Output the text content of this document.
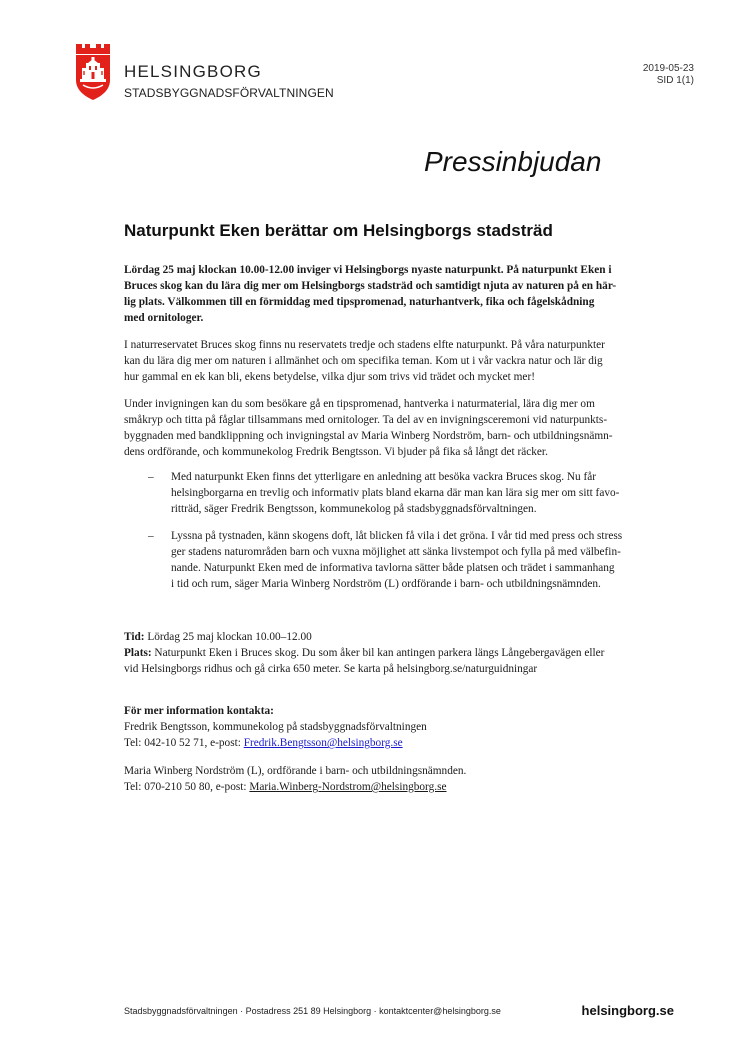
HELSINGBORG
STADSBYGGNADSFÖRVALTNINGEN
2019-05-23
SID 1(1)
Pressinbjudan
Naturpunkt Eken berättar om Helsingborgs stadsträd
Lördag 25 maj klockan 10.00-12.00 inviger vi Helsingborgs nyaste naturpunkt. På naturpunkt Eken i
Bruces skog kan du lära dig mer om Helsingborgs stadsträd och samtidigt njuta av naturen på en här-
lig plats. Välkommen till en förmiddag med tipspromenad, naturhantverk, fika och fågelskådning
med ornitologer.
I naturreservatet Bruces skog finns nu reservatets tredje och stadens elfte naturpunkt. På våra naturpunkter
kan du lära dig mer om naturen i allmänhet och om specifika teman. Kom ut i vår vackra natur och lär dig
hur gammal en ek kan bli, ekens betydelse, vilka djur som trivs vid trädet och mycket mer!
Under invigningen kan du som besökare gå en tipspromenad, hantverka i naturmaterial, lära dig mer om
småkryp och titta på fåglar tillsammans med ornitologer. Ta del av en invigningsceremoni vid naturpunkts-
byggnaden med bandklippning och invigningstal av Maria Winberg Nordström, barn- och utbildningsnämn-
dens ordförande, och kommunekolog Fredrik Bengtsson. Vi bjuder på fika så långt det räcker.
– Med naturpunkt Eken finns det ytterligare en anledning att besöka vackra Bruces skog. Nu får
helsingborgarna en trevlig och informativ plats bland ekarna där man kan lära sig mer om sitt favo-
ritträd, säger Fredrik Bengtsson, kommunekolog på stadsbyggnadsförvaltningen.
– Lyssna på tystnaden, känn skogens doft, låt blicken få vila i det gröna. I vår tid med press och stress
ger stadens naturområden barn och vuxna möjlighet att sänka livstempot och fylla på med välbefin-
nande. Naturpunkt Eken med de informativa tavlorna sätter både platsen och trädet i sammanhang
i tid och rum, säger Maria Winberg Nordström (L) ordförande i barn- och utbildningsnämnden.
Tid: Lördag 25 maj klockan 10.00–12.00
Plats: Naturpunkt Eken i Bruces skog. Du som åker bil kan antingen parkera längs Långebergavägen eller
vid Helsingborgs ridhus och gå cirka 650 meter. Se karta på helsingborg.se/naturguidningar
För mer information kontakta:
Fredrik Bengtsson, kommunekolog på stadsbyggnadsförvaltningen
Tel: 042-10 52 71, e-post: Fredrik.Bengtsson@helsingborg.se
Maria Winberg Nordström (L), ordförande i barn- och utbildningsnämnden.
Tel: 070-210 50 80, e-post: Maria.Winberg-Nordstrom@helsingborg.se
Stadsbyggnadsförvaltningen · Postadress 251 89 Helsingborg · kontaktcenter@helsingborg.se	helsingborg.se
